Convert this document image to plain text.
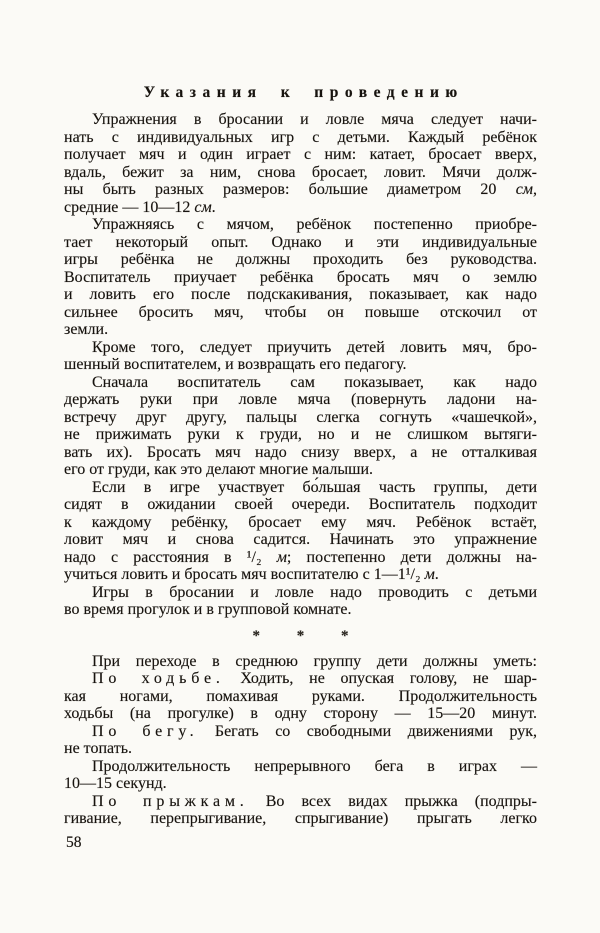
Указания к проведению
Упражнения в бросании и ловле мяча следует начи-
нать с индивидуальных игр с детьми. Каждый ребёнок
получает мяч и один играет с ним: катает, бросает вверх,
вдаль, бежит за ним, снова бросает, ловит. Мячи долж-
ны быть разных размеров: большие диаметром 20 см,
средние — 10—12 см.
Упражняясь с мячом, ребёнок постепенно приобре-
тает некоторый опыт. Однако и эти индивидуальные
игры ребёнка не должны проходить без руководства.
Воспитатель приучает ребёнка бросать мяч о землю
и ловить его после подскакивания, показывает, как надо
сильнее бросить мяч, чтобы он повыше отскочил от
земли.
Кроме того, следует приучить детей ловить мяч, бро-
шенный воспитателем, и возвращать его педагогу.
Сначала воспитатель сам показывает, как надо
держать руки при ловле мяча (повернуть ладони на-
встречу друг другу, пальцы слегка согнуть «чашечкой»,
не прижимать руки к груди, но и не слишком вытяги-
вать их). Бросать мяч надо снизу вверх, а не отталкивая
его от груди, как это делают многие малыши.
Если в игре участвует бо́льшая часть группы, дети
сидят в ожидании своей очереди. Воспитатель подходит
к каждому ребёнку, бросает ему мяч. Ребёнок встаёт,
ловит мяч и снова садится. Начинать это упражнение
надо с расстояния в ¹/₂ м; постепенно дети должны на-
учиться ловить и бросать мяч воспитателю с 1—1¹/₂ м.
Игры в бросании и ловле надо проводить с детьми
во время прогулок и в групповой комнате.
* * *
При переходе в среднюю группу дети должны уметь:
По ходьбе. Ходить, не опуская голову, не шар-
кая ногами, помахивая руками. Продолжительность
ходьбы (на прогулке) в одну сторону — 15—20 минут.
По бегу. Бегать со свободными движениями рук,
не топать.
Продолжительность непрерывного бега в играх —
10—15 секунд.
По прыжкам. Во всех видах прыжка (подпры-
гивание, перепрыгивание, спрыгивание) прыгать легко
58
